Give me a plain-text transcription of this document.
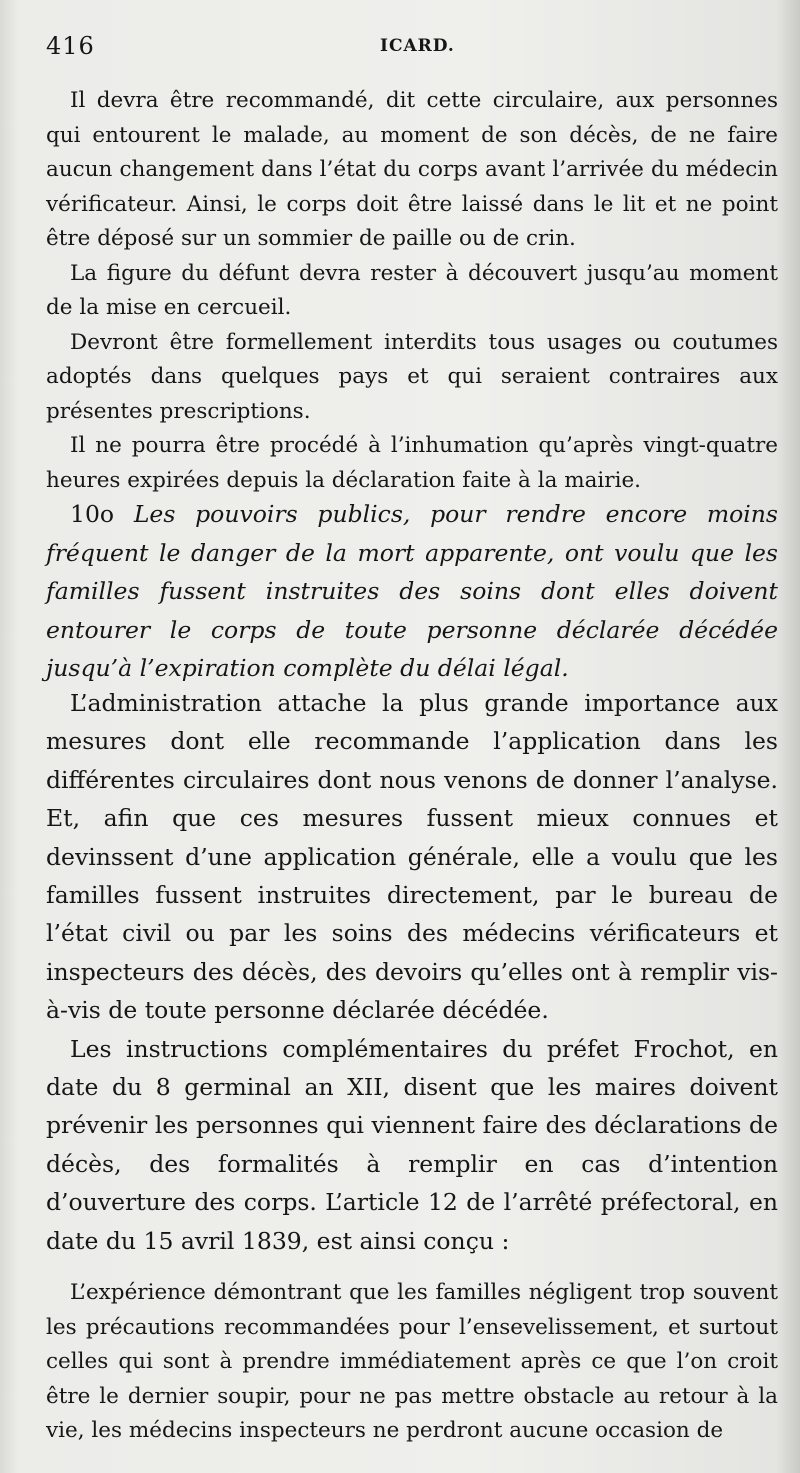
416	ICARD.

Il devra être recommandé, dit cette circulaire, aux personnes qui entourent le malade, au moment de son décès, de ne faire aucun changement dans l’état du corps avant l’arrivée du médecin vérificateur. Ainsi, le corps doit être laissé dans le lit et ne point être déposé sur un sommier de paille ou de crin.

La figure du défunt devra rester à découvert jusqu’au moment de la mise en cercueil.

Devront être formellement interdits tous usages ou coutumes adoptés dans quelques pays et qui seraient contraires aux présentes prescriptions.

Il ne pourra être procédé à l’inhumation qu’après vingt-quatre heures expirées depuis la déclaration faite à la mairie.

10o Les pouvoirs publics, pour rendre encore moins fréquent le danger de la mort apparente, ont voulu que les familles fussent instruites des soins dont elles doivent entourer le corps de toute personne déclarée décédée jusqu’à l’expiration complète du délai légal.

L’administration attache la plus grande importance aux mesures dont elle recommande l’application dans les différentes circulaires dont nous venons de donner l’analyse. Et, afin que ces mesures fussent mieux connues et devinssent d’une application générale, elle a voulu que les familles fussent instruites directement, par le bureau de l’état civil ou par les soins des médecins vérificateurs et inspecteurs des décès, des devoirs qu’elles ont à remplir vis-à-vis de toute personne déclarée décédée.

Les instructions complémentaires du préfet Frochot, en date du 8 germinal an XII, disent que les maires doivent prévenir les personnes qui viennent faire des déclarations de décès, des formalités à remplir en cas d’intention d’ouverture des corps. L’article 12 de l’arrêté préfectoral, en date du 15 avril 1839, est ainsi conçu :

L’expérience démontrant que les familles négligent trop souvent les précautions recommandées pour l’ensevelissement, et surtout celles qui sont à prendre immédiatement après ce que l’on croit être le dernier soupir, pour ne pas mettre obstacle au retour à la vie, les médecins inspecteurs ne perdront aucune occasion de
